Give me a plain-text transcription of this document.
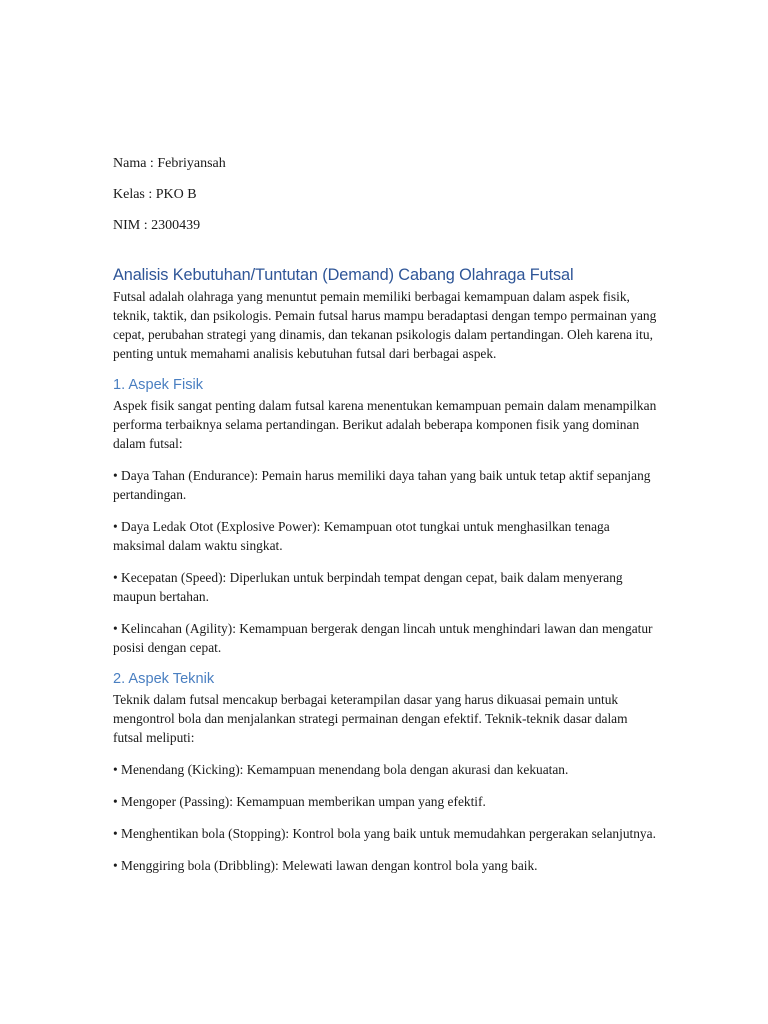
Nama : Febriyansah

Kelas : PKO B

NIM : 2300439

Analisis Kebutuhan/Tuntutan (Demand) Cabang Olahraga Futsal

Futsal adalah olahraga yang menuntut pemain memiliki berbagai kemampuan dalam aspek fisik, teknik, taktik, dan psikologis. Pemain futsal harus mampu beradaptasi dengan tempo permainan yang cepat, perubahan strategi yang dinamis, dan tekanan psikologis dalam pertandingan. Oleh karena itu, penting untuk memahami analisis kebutuhan futsal dari berbagai aspek.

1. Aspek Fisik

Aspek fisik sangat penting dalam futsal karena menentukan kemampuan pemain dalam menampilkan performa terbaiknya selama pertandingan. Berikut adalah beberapa komponen fisik yang dominan dalam futsal:

• Daya Tahan (Endurance): Pemain harus memiliki daya tahan yang baik untuk tetap aktif sepanjang pertandingan.

• Daya Ledak Otot (Explosive Power): Kemampuan otot tungkai untuk menghasilkan tenaga maksimal dalam waktu singkat.

• Kecepatan (Speed): Diperlukan untuk berpindah tempat dengan cepat, baik dalam menyerang maupun bertahan.

• Kelincahan (Agility): Kemampuan bergerak dengan lincah untuk menghindari lawan dan mengatur posisi dengan cepat.

2. Aspek Teknik

Teknik dalam futsal mencakup berbagai keterampilan dasar yang harus dikuasai pemain untuk mengontrol bola dan menjalankan strategi permainan dengan efektif. Teknik-teknik dasar dalam futsal meliputi:

• Menendang (Kicking): Kemampuan menendang bola dengan akurasi dan kekuatan.

• Mengoper (Passing): Kemampuan memberikan umpan yang efektif.

• Menghentikan bola (Stopping): Kontrol bola yang baik untuk memudahkan pergerakan selanjutnya.

• Menggiring bola (Dribbling): Melewati lawan dengan kontrol bola yang baik.
